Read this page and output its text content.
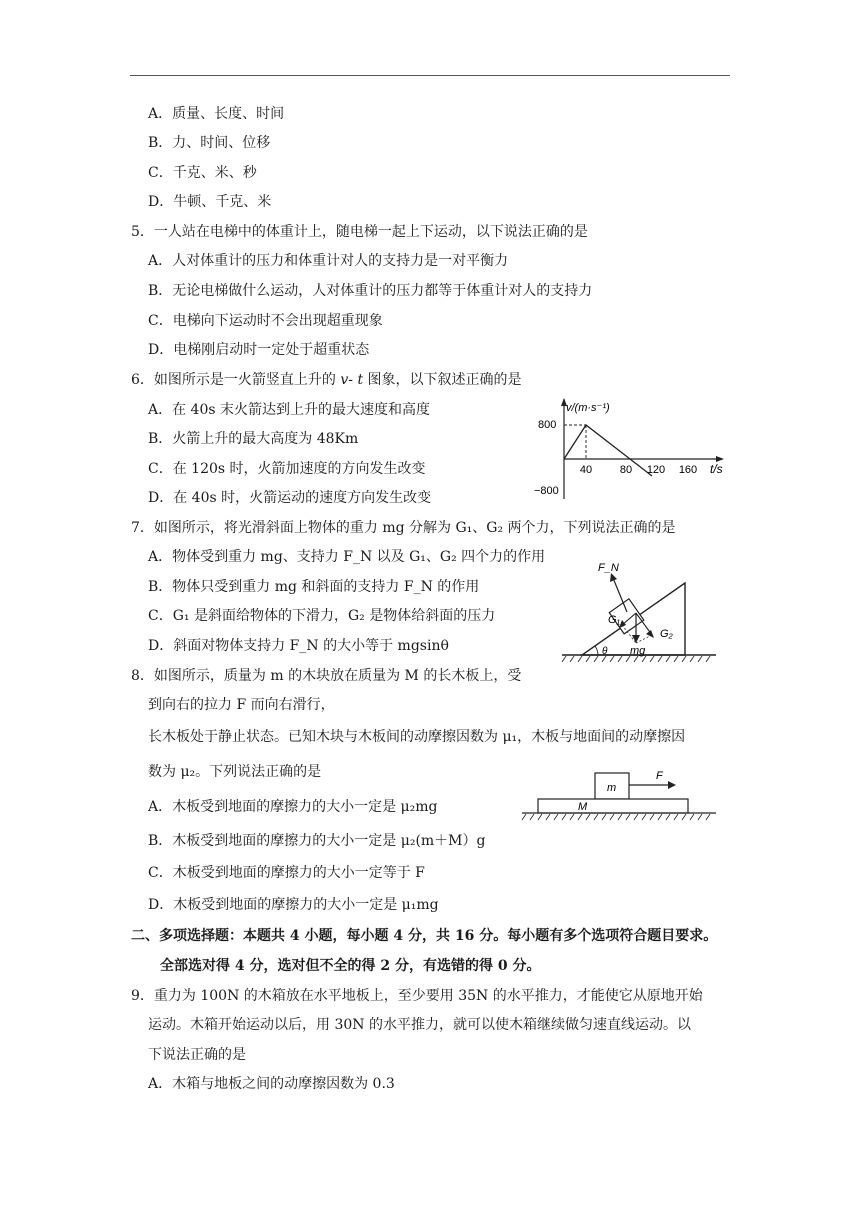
A．质量、长度、时间
B．力、时间、位移
C．千克、米、秒
D．牛顿、千克、米
5．一人站在电梯中的体重计上，随电梯一起上下运动，以下说法正确的是
A．人对体重计的压力和体重计对人的支持力是一对平衡力
B．无论电梯做什么运动，人对体重计的压力都等于体重计对人的支持力
C．电梯向下运动时不会出现超重现象
D．电梯刚启动时一定处于超重状态
6．如图所示是一火箭竖直上升的 v- t 图象，以下叙述正确的是
A．在 40s 末火箭达到上升的最大速度和高度
B．火箭上升的最大高度为 48Km
C．在 120s 时，火箭加速度的方向发生改变
D．在 40s 时，火箭运动的速度方向发生改变
v/(m·s⁻¹)
t/s
800
−800
40	80 120 160
7．如图所示，将光滑斜面上物体的重力 mg 分解为 G₁、G₂ 两个力，下列说法正确的是
A．物体受到重力 mg、支持力 F_N 以及 G₁、G₂ 四个力的作用
B．物体只受到重力 mg 和斜面的支持力 F_N 的作用
C．G₁ 是斜面给物体的下滑力，G₂ 是物体给斜面的压力
D．斜面对物体支持力 F_N 的大小等于 mgsinθ
F_N
G₁
G₂
mg
θ
8．如图所示，质量为 m 的木块放在质量为 M 的长木板上，受
到向右的拉力 F 而向右滑行，
长木板处于静止状态。已知木块与木板间的动摩擦因数为 μ₁，木板与地面间的动摩擦因
数为 μ₂。下列说法正确的是
A．木板受到地面的摩擦力的大小一定是 μ₂mg
B．木板受到地面的摩擦力的大小一定是 μ₂(m＋M）g
C．木板受到地面的摩擦力的大小一定等于 F
D．木板受到地面的摩擦力的大小一定是 μ₁mg
m
M
F
二、多项选择题：本题共 4 小题，每小题 4 分，共 16 分。每小题有多个选项符合题目要求。
全部选对得 4 分，选对但不全的得 2 分，有选错的得 0 分。
9．重力为 100N 的木箱放在水平地板上，至少要用 35N 的水平推力，才能使它从原地开始
运动。木箱开始运动以后，用 30N 的水平推力，就可以使木箱继续做匀速直线运动。以
下说法正确的是
A．木箱与地板之间的动摩擦因数为 0.3
